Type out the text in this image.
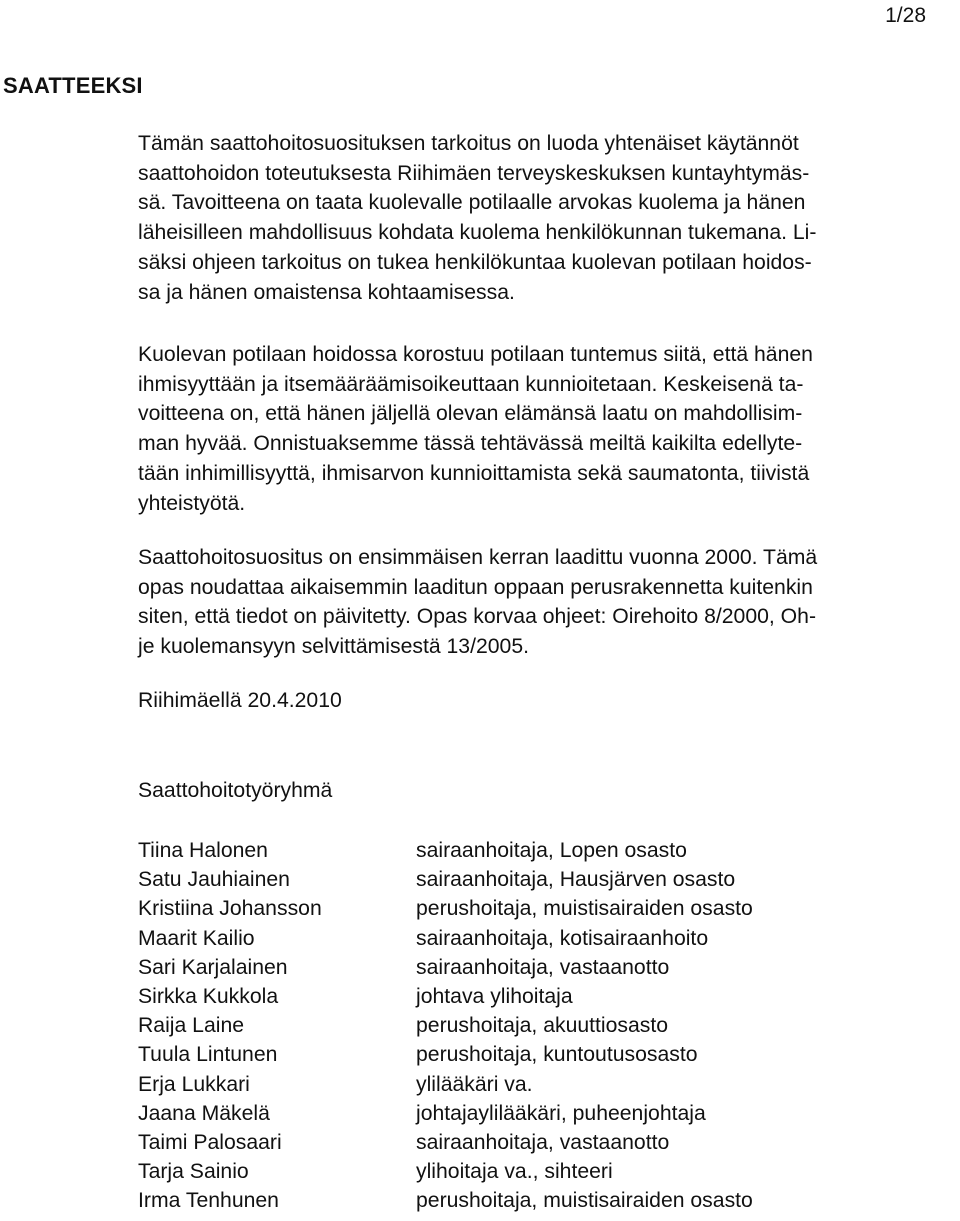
1/28
SAATTEEKSI

Tämän saattohoitosuosituksen tarkoitus on luoda yhtenäiset käytännöt
saattohoidon toteutuksesta Riihimäen terveyskeskuksen kuntayhtymäs-
sä. Tavoitteena on taata kuolevalle potilaalle arvokas kuolema ja hänen
läheisilleen mahdollisuus kohdata kuolema henkilökunnan tukemana. Li-
säksi ohjeen tarkoitus on tukea henkilökuntaa kuolevan potilaan hoidos-
sa ja hänen omaistensa kohtaamisessa.

Kuolevan potilaan hoidossa korostuu potilaan tuntemus siitä, että hänen
ihmisyyttään ja itsemääräämisoikeuttaan kunnioitetaan. Keskeisenä ta-
voitteena on, että hänen jäljellä olevan elämänsä laatu on mahdollisim-
man hyvää. Onnistuaksemme tässä tehtävässä meiltä kaikilta edellyte-
tään inhimillisyyttä, ihmisarvon kunnioittamista sekä saumatonta, tiivistä
yhteistyötä.

Saattohoitosuositus on ensimmäisen kerran laadittu vuonna 2000. Tämä
opas noudattaa aikaisemmin laaditun oppaan perusrakennetta kuitenkin
siten, että tiedot on päivitetty. Opas korvaa ohjeet: Oirehoito 8/2000, Oh-
je kuolemansyyn selvittämisestä 13/2005.

Riihimäellä 20.4.2010

Saattohoitotyöryhmä

Tiina Halonen	sairaanhoitaja, Lopen osasto
Satu Jauhiainen	sairaanhoitaja, Hausjärven osasto
Kristiina Johansson	perushoitaja, muistisairaiden osasto
Maarit Kailio	sairaanhoitaja, kotisairaanhoito
Sari Karjalainen	sairaanhoitaja, vastaanotto
Sirkka Kukkola	johtava ylihoitaja
Raija Laine	perushoitaja, akuuttiosasto
Tuula Lintunen	perushoitaja, kuntoutusosasto
Erja Lukkari	ylilääkäri va.
Jaana Mäkelä	johtajaylilääkäri, puheenjohtaja
Taimi Palosaari	sairaanhoitaja, vastaanotto
Tarja Sainio	ylihoitaja va., sihteeri
Irma Tenhunen	perushoitaja, muistisairaiden osasto
